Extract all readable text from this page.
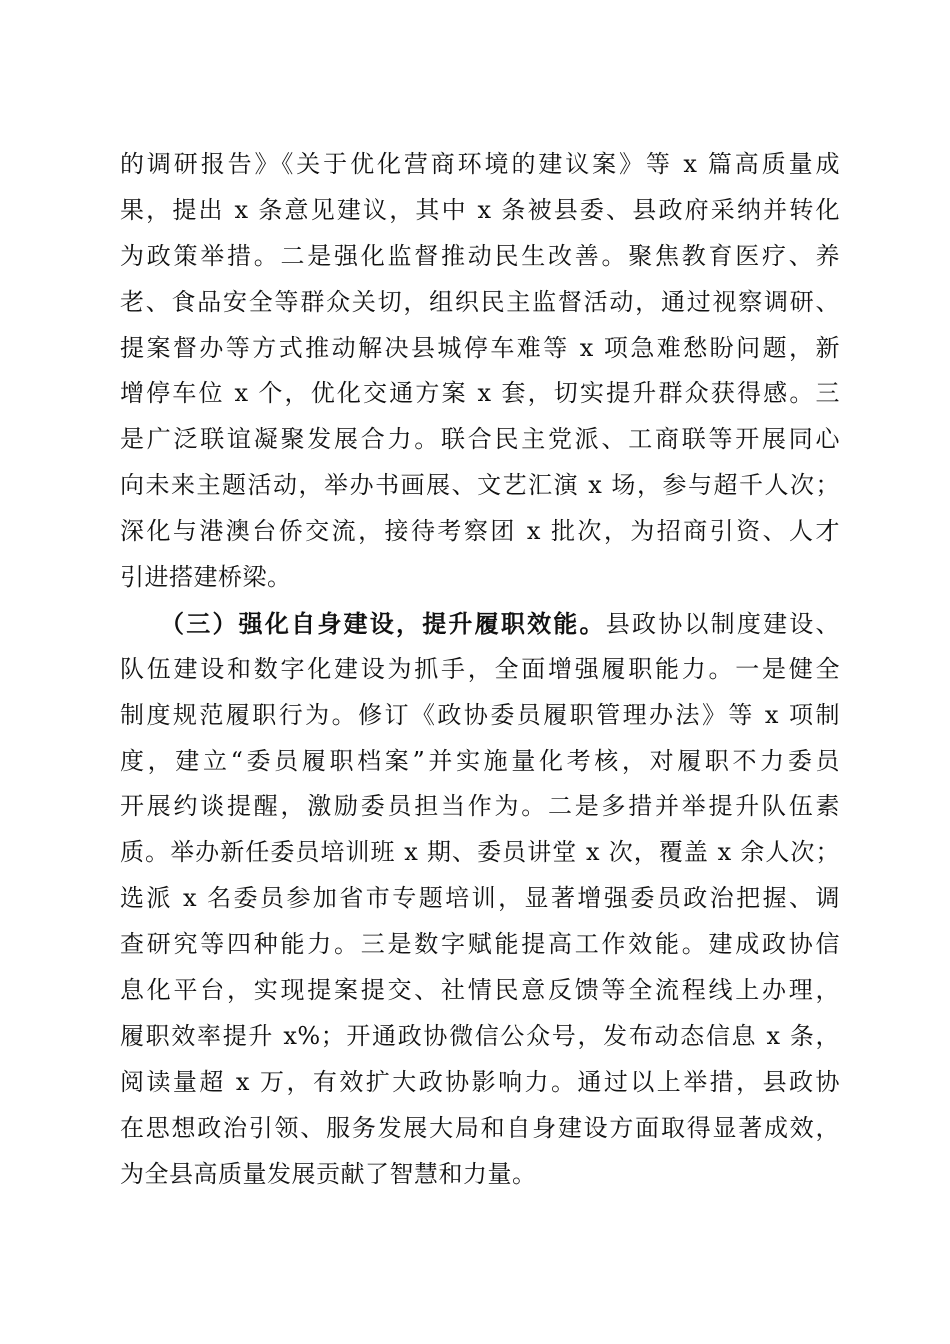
的调研报告》《关于优化营商环境的建议案》等 x 篇高质量成
果，提出 x 条意见建议，其中 x 条被县委、县政府采纳并转化
为政策举措。二是强化监督推动民生改善。聚焦教育医疗、养
老、食品安全等群众关切，组织民主监督活动，通过视察调研、
提案督办等方式推动解决县城停车难等 x 项急难愁盼问题，新
增停车位 x 个，优化交通方案 x 套，切实提升群众获得感。三
是广泛联谊凝聚发展合力。联合民主党派、工商联等开展同心
向未来主题活动，举办书画展、文艺汇演 x 场，参与超千人次；
深化与港澳台侨交流，接待考察团 x 批次，为招商引资、人才
引进搭建桥梁。
（三）强化自身建设，提升履职效能。县政协以制度建设、
队伍建设和数字化建设为抓手，全面增强履职能力。一是健全
制度规范履职行为。修订《政协委员履职管理办法》等 x 项制
度，建立“委员履职档案”并实施量化考核，对履职不力委员
开展约谈提醒，激励委员担当作为。二是多措并举提升队伍素
质。举办新任委员培训班 x 期、委员讲堂 x 次，覆盖 x 余人次；
选派 x 名委员参加省市专题培训，显著增强委员政治把握、调
查研究等四种能力。三是数字赋能提高工作效能。建成政协信
息化平台，实现提案提交、社情民意反馈等全流程线上办理，
履职效率提升 x%；开通政协微信公众号，发布动态信息 x 条，
阅读量超 x 万，有效扩大政协影响力。通过以上举措，县政协
在思想政治引领、服务发展大局和自身建设方面取得显著成效，
为全县高质量发展贡献了智慧和力量。
